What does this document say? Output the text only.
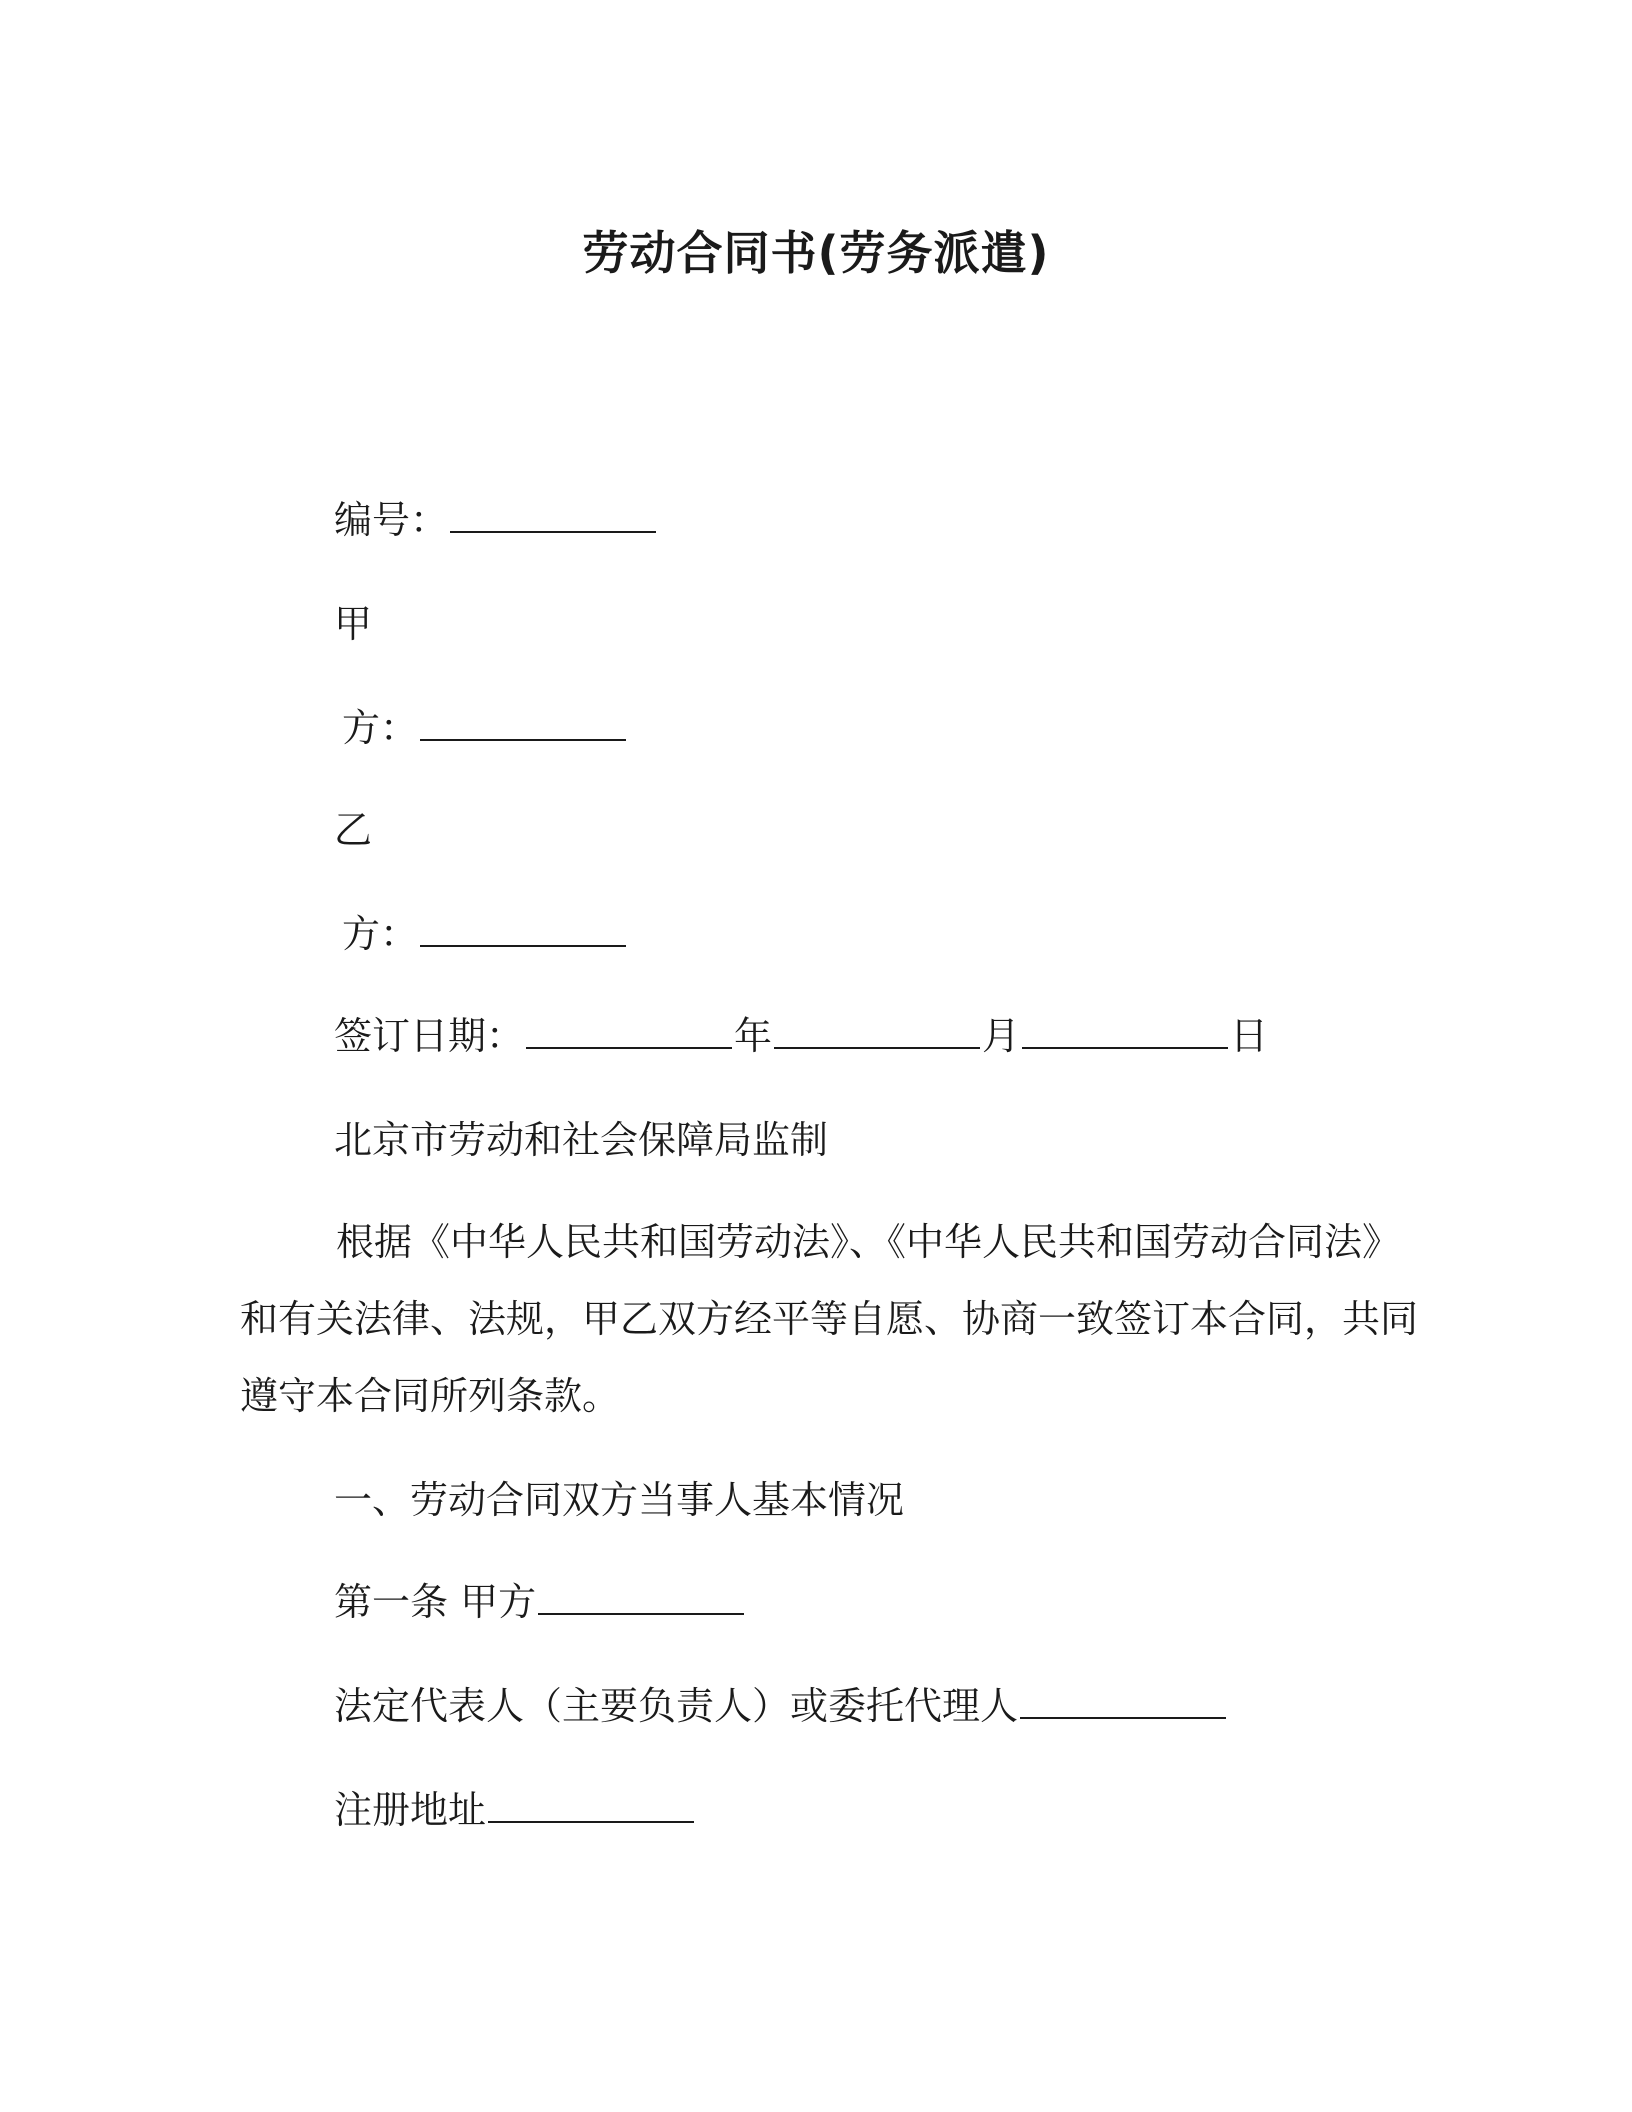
劳动合同书(劳务派遣)
编号：
甲
方：
乙
方：
签订日期：	年	月	日
北京市劳动和社会保障局监制
根据《中华人民共和国劳动法》、《中华人民共和国劳动合同法》和有关法律、法规，甲乙双方经平等自愿、协商一致签订本合同，共同遵守本合同所列条款。
一、劳动合同双方当事人基本情况
第一条 甲方
法定代表人（主要负责人）或委托代理人
注册地址
